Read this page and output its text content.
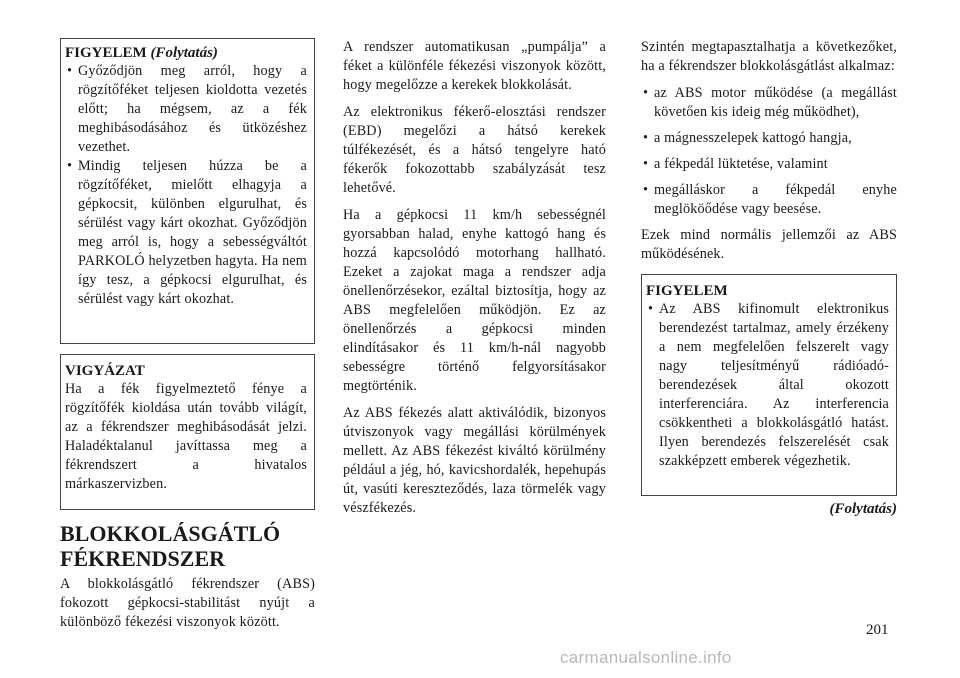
FIGYELEM (Folytatás)
• Győződjön meg arról, hogy a rögzítőféket teljesen kioldotta vezetés előtt; ha mégsem, az a fék meghibásodásához és ütközéshez vezethet.
• Mindig teljesen húzza be a rögzítőféket, mielőtt elhagyja a gépkocsit, különben elgurulhat, és sérülést vagy kárt okozhat. Győződjön meg arról is, hogy a sebességváltót PARKOLÓ helyzetben hagyta. Ha nem így tesz, a gépkocsi elgurulhat, és sérülést vagy kárt okozhat.
VIGYÁZAT

Ha a fék figyelmeztető fénye a rögzítőfék kioldása után tovább világít, az a fékrendszer meghibásodását jelzi. Haladéktalanul javíttassa meg a fékrendszert a hivatalos márkaszervizben.

BLOKKOLÁSGÁTLÓ
FÉKRENDSZER

A blokkolásgátló fékrendszer (ABS) fokozott gépkocsi-stabilitást nyújt a különböző fékezési viszonyok között.

A rendszer automatikusan „pumpálja” a féket a különféle fékezési viszonyok között, hogy megelőzze a kerekek blokkolását.

Az elektronikus fékerő-elosztási rendszer (EBD) megelőzi a hátsó kerekek túlfékezését, és a hátsó tengelyre ható fékerők fokozottabb szabályzását tesz lehetővé.

Ha a gépkocsi 11 km/h sebességnél gyorsabban halad, enyhe kattogó hang és hozzá kapcsolódó motorhang hallható. Ezeket a zajokat maga a rendszer adja önellenőrzésekor, ezáltal biztosítja, hogy az ABS megfelelően működjön. Ez az önellenőrzés a gépkocsi minden elindításakor és 11 km/h-nál nagyobb sebességre történő felgyorsításakor megtörténik.

Az ABS fékezés alatt aktiválódik, bizonyos útviszonyok vagy megállási körülmények mellett. Az ABS fékezést kiváltó körülmény például a jég, hó, kavicshordalék, hepehupás út, vasúti kereszteződés, laza törmelék vagy vészfékezés.

Szintén megtapasztalhatja a következőket, ha a fékrendszer blokkolásgátlást alkalmaz:

• az ABS motor működése (a megállást követően kis ideig még működhet),
• a mágnesszelepek kattogó hangja,
• a fékpedál lüktetése, valamint
• megálláskor a fékpedál enyhe meglököődése vagy beesése.

Ezek mind normális jellemzői az ABS működésének.

FIGYELEM
• Az ABS kifinomult elektronikus berendezést tartalmaz, amely érzékeny a nem megfelelően felszerelt vagy nagy teljesítményű rádióadó-berendezések által okozott interferenciára. Az interferencia csökkentheti a blokkolásgátló hatást. Ilyen berendezés felszerelését csak szakképzett emberek végezhetik.
(Folytatás)
201
carmanualsonline.info
